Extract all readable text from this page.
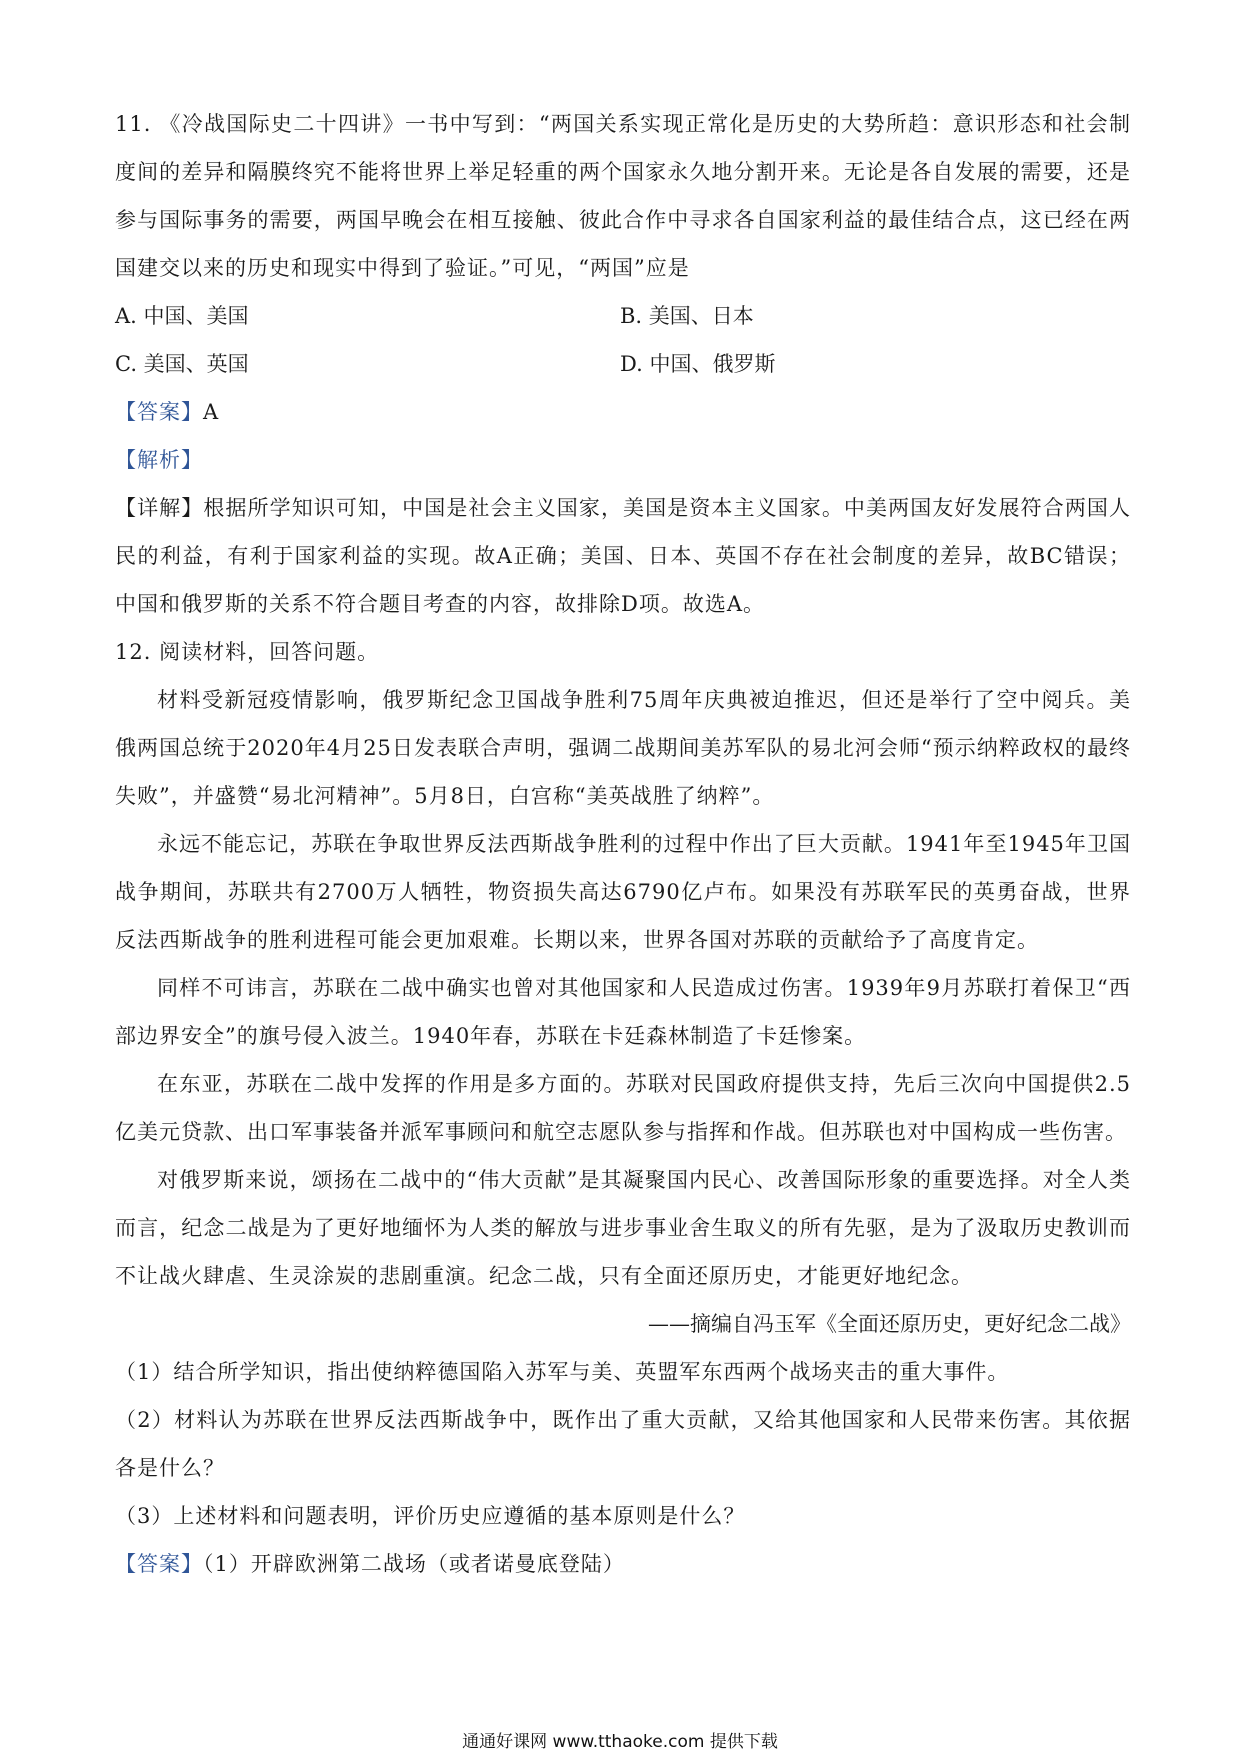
11. 《冷战国际史二十四讲》一书中写到：“两国关系实现正常化是历史的大势所趋：意识形态和社会制度间的差异和隔膜终究不能将世界上举足轻重的两个国家永久地分割开来。无论是各自发展的需要，还是参与国际事务的需要，两国早晚会在相互接触、彼此合作中寻求各自国家利益的最佳结合点，这已经在两国建交以来的历史和现实中得到了验证。”可见，“两国”应是

A. 中国、美国	B. 美国、日本
C. 美国、英国	D. 中国、俄罗斯

【答案】A

【解析】

【详解】根据所学知识可知，中国是社会主义国家，美国是资本主义国家。中美两国友好发展符合两国人民的利益，有利于国家利益的实现。故A正确；美国、日本、英国不存在社会制度的差异，故BC错误；中国和俄罗斯的关系不符合题目考查的内容，故排除D项。故选A。

12. 阅读材料，回答问题。

材料受新冠疫情影响，俄罗斯纪念卫国战争胜利75周年庆典被迫推迟，但还是举行了空中阅兵。美俄两国总统于2020年4月25日发表联合声明，强调二战期间美苏军队的易北河会师“预示纳粹政权的最终失败”，并盛赞“易北河精神”。5月8日，白宫称“美英战胜了纳粹”。

永远不能忘记，苏联在争取世界反法西斯战争胜利的过程中作出了巨大贡献。1941年至1945年卫国战争期间，苏联共有2700万人牺牲，物资损失高达6790亿卢布。如果没有苏联军民的英勇奋战，世界 反法西斯战争的胜利进程可能会更加艰难。长期以来，世界各国对苏联的贡献给予了高度肯定。

同样不可讳言，苏联在二战中确实也曾对其他国家和人民造成过伤害。1939年9月苏联打着保卫“西部边界安全”的旗号侵入波兰。1940年春，苏联在卡廷森林制造了卡廷惨案。

在东亚，苏联在二战中发挥的作用是多方面的。苏联对民国政府提供支持，先后三次向中国提供2.5亿美元贷款、出口军事装备并派军事顾问和航空志愿队参与指挥和作战。但苏联也对中国构成一些伤害。

对俄罗斯来说，颂扬在二战中的“伟大贡献”是其凝聚国内民心、改善国际形象的重要选择。对全人类而言，纪念二战是为了更好地缅怀为人类的解放与进步事业舍生取义的所有先驱，是为了汲取历史教训而不让战火肆虐、生灵涂炭的悲剧重演。纪念二战，只有全面还原历史，才能更好地纪念。

——摘编自冯玉军《全面还原历史，更好纪念二战》

（1）结合所学知识，指出使纳粹德国陷入苏军与美、英盟军东西两个战场夹击的重大事件。

（2）材料认为苏联在世界反法西斯战争中，既作出了重大贡献，又给其他国家和人民带来伤害。其依据各是什么？

（3）上述材料和问题表明，评价历史应遵循的基本原则是什么？

【答案】（1）开辟欧洲第二战场（或者诺曼底登陆）

通通好课网 www.tthaoke.com 提供下载
